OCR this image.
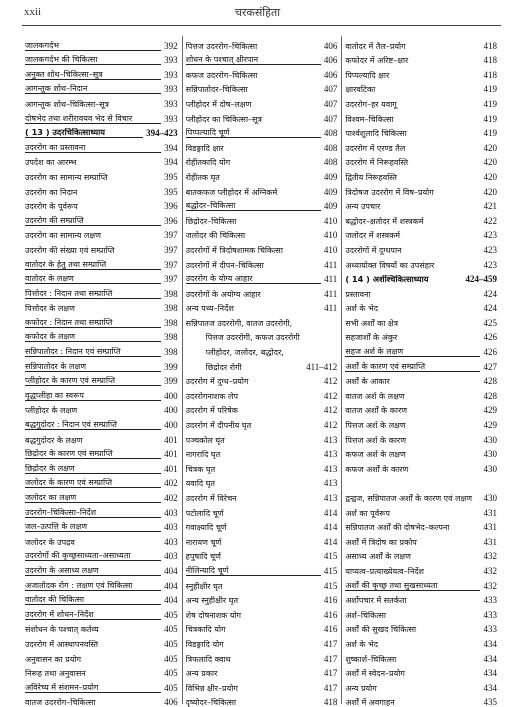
xxii	चरकसंहिता
जालकगर्दभ	392
जालकगर्दभ की चिकित्सा	393
अनुक्त शोथ–चिकित्सा–सूत्र	393
आगन्तुक शोथ–निदान	393
आगन्तुक शोथ–चिकित्सा–सूत्र	393
दोषभेद तथा शरीरावयव भेद से विचार	393
( 13 ) उदरचिकित्साध्याय	394–423
उदररोग का प्रस्तावना	394
उपदेश का आरम्भ	394
उदररोग का सामान्य सम्प्राप्ति	395
उदररोग का निदान	395
उदररोग के पूर्वरूप	396
उदररोग की सम्प्राप्ति	396
उदररोग का सामान्य लक्षण	397
उदररोग की संख्या एवं सम्प्राप्ति	397
वातोदर के हेतु तथा सम्प्राप्ति	397
वातोदर के लक्षण	397
पित्तोदर : निदान तथा सम्प्राप्ति	398
पित्तोदर के लक्षण	398
कफोदर : निदान तथा सम्प्राप्ति	398
कफोदर के लक्षण	398
सन्निपातोदर : निदान एवं सम्प्राप्ति	398
सन्निपातोदर के लक्षण	399
प्लीहोदर के कारण एवं सम्प्राप्ति	399
वृद्धप्लीहा का स्वरूप	400
प्लीहोदर के लक्षण	400
बद्धगुदोदर : निदान एवं सम्प्राप्ति	400
बद्धगुदोदर के लक्षण	401
छिद्रोदर के कारण एवं सम्प्राप्ति	401
छिद्रोदर के लक्षण	401
जलोदर के कारण एवं सम्प्राप्ति	402
जलोदर का लक्षण	402
उदररोग–चिकित्सा–निर्देश	403
जल–उत्पत्ति के लक्षण	403
जलोदर के उपद्रव	403
उदररोगों की कृच्छ्रसाध्यता–असाध्यता	403
उदररोग के असाध्य लक्षण	404
अजातोदक रोग : लक्षण एवं चिकित्सा	404
वातोदर की चिकित्सा	404
उदररोग में शोधन–निर्देश	405
संशोधन के पश्चात् कर्तव्य	405
उदररोग में आस्थापनवस्ति	405
अनुवासन का प्रयोग	405
निरूह तथा अनुवासन	405
अविरेच्य में संशमन–प्रयोग	405
वातज उदररोग–चिकित्सा	406
पित्तज उदररोग–चिकित्सा	406
शोधन के पश्चात् क्षीरपान	406
कफज उदररोग–चिकित्सा	406
सन्निपातोदर–चिकित्सा	407
प्लीहोदर में दोष–लक्षण	407
प्लीहोदर का चिकित्सा–सूत्र	407
पिप्पल्यादि चूर्ण	408
विडङ्गादि क्षार	408
रोहीतकादि योग	408
रोहीतक घृत	409
बातकफज प्लीहोदर में अग्निकर्म	409
बद्धोदर–चिकित्सा	409
छिद्रोदर–चिकित्सा	410
जलोदर की चिकित्सा	410
उदररोगों में त्रिदोषशामक चिकित्सा	410
उदररोगों में दीपन–चिकित्सा	411
उदररोग के योग्य आहार	411
उदररोगों के अयोग्य आहार	411
अन्य पथ्य–निर्देश	411
सन्निपातज उदररोगी, वातज उदररोगी,
पित्तज उदररोगी, कफज उदररोगी
प्लीहोदर, जलोदर, बद्धोदर,
छिद्रोदर रोगी	411–412
उदररोग में दुग्ध–प्रयोग	412
उदररोगनाशक लेप	412
उदररोग में परिषेक	412
उदररोग में दीपनीय घृत	412
पञ्चकोल घृत	413
नागरादि घृत	413
चित्रक घृत	413
यवादि घृत	413
उदररोग में विरेचन	413
पटोलादि चूर्ण	414
गवाक्ष्यादि चूर्ण	414
नारायण चूर्ण	414
हपुषादि चूर्ण	415
नीलिन्यादि चूर्ण	415
स्नुहीक्षीर घृत	415
अन्य स्नुहीक्षीर घृत	416
शेष दोषनाशक योग	416
चित्रकादि योग	416
विडङ्गादि योग	417
त्रिफलादि क्वाथ	417
अन्य प्रकार	417
विभिन्न क्षीर–प्रयोग	417
दृष्योदर–चिकित्सा	418
वातोदर में तैल–प्रयोग	418
कफोदर में अरिष्ट–क्षार	418
पिप्पल्यादि क्षार	418
क्षारवटिका	419
उदररोग–हर यवागू	419
विश्वम–चिकित्सा	419
पार्श्वशूलादि चिकित्सा	419
उदररोग में एरण्ड तैल	420
उदररोग में निरूहवस्ति	420
द्वितीय निरूहवस्ति	420
त्रिदोषज उदररोग में विष–प्रयोग	420
अन्य उपचार	421
बद्धोदर–क्षतोदर में शस्त्रकर्म	422
जलोदर में शस्त्रकर्म	423
उदररोगों में दुग्धपान	423
अध्यायोक्त विषयों का उपसंहार	423
( 14 ) अर्शश्चिकित्साध्याय	424–459
प्रस्तावना	424
अर्श के भेद	424
सभी अर्शों का क्षेत्र	425
सहजार्शों के अंकुर	426
सहज अर्श के लक्षण	426
अर्शों के कारण एवं सम्प्राप्ति	427
अर्शों के आकार	428
वातज अर्श के लक्षण	428
वातज अर्शों के कारण	429
पित्तज अर्श के लक्षण	429
पित्तज अर्श के कारण	430
कफज अर्श के लक्षण	430
कफज अर्शों के कारण	430
द्वन्द्वज, सन्निपातज अर्शों के कारण एवं लक्षण	430
अर्श का पूर्वरूप	431
सन्निपातज अर्शों की दोषभेद–कल्पना	431
अर्शों में त्रिदोष का प्रकोप	431
असाध्य अर्शों के लक्षण	432
याप्यत्व–प्रत्याख्येयत्व–निर्देश	432
अर्शों की कृच्छ्र तथा सुखसाध्यता	432
अर्शोपचार में सतर्कता	433
अर्श–चिकित्सा	433
अर्शों की सुखद चिकित्सा	433
अर्श के भेद	434
शुष्कार्श–चिकित्सा	434
अर्शों में स्वेदन–प्रयोग	434
अन्य प्रयोग	434
अर्शों में अवगाहन	435
